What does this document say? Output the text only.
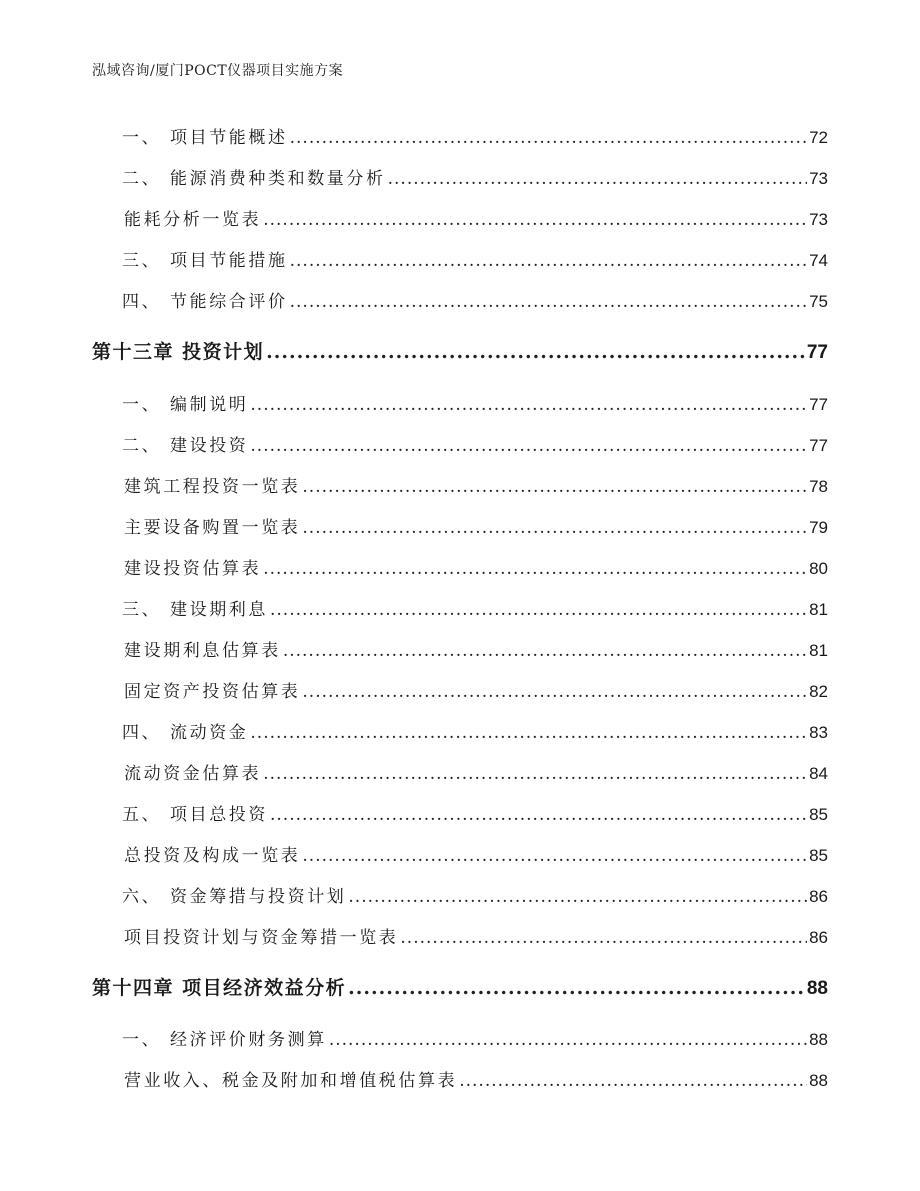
泓域咨询/厦门POCT仪器项目实施方案
一、 项目节能概述 .....	72
二、 能源消费种类和数量分析 .....	73
能耗分析一览表 .....	73
三、 项目节能措施 .....	74
四、 节能综合评价 .....	75
第十三章 投资计划 .....	77
一、 编制说明 .....	77
二、 建设投资 .....	77
建筑工程投资一览表 .....	78
主要设备购置一览表 .....	79
建设投资估算表 .....	80
三、 建设期利息 .....	81
建设期利息估算表 .....	81
固定资产投资估算表 .....	82
四、 流动资金 .....	83
流动资金估算表 .....	84
五、 项目总投资 .....	85
总投资及构成一览表 .....	85
六、 资金筹措与投资计划 .....	86
项目投资计划与资金筹措一览表 .....	86
第十四章 项目经济效益分析 .....	88
一、 经济评价财务测算 .....	88
营业收入、税金及附加和增值税估算表 .....	88
